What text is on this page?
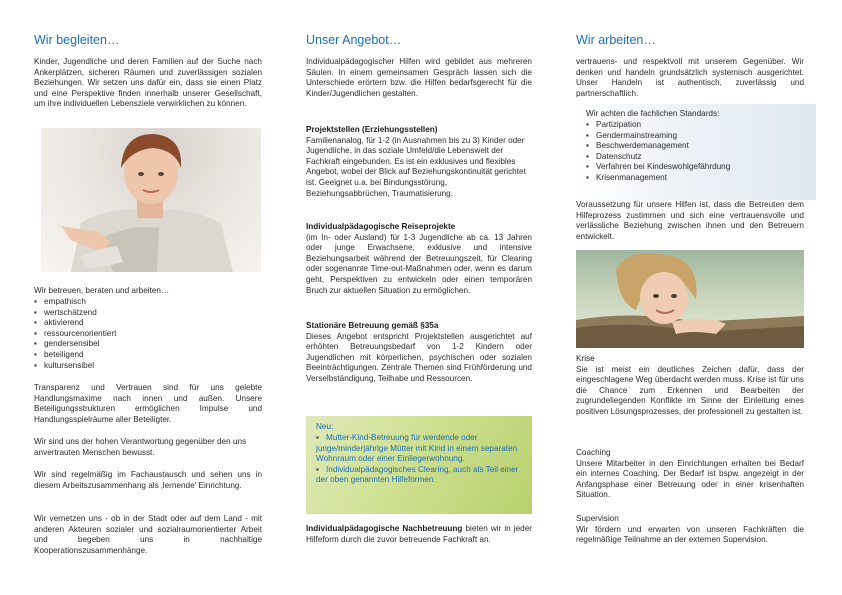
Wir begleiten…

Kinder, Jugendliche und deren Familien auf der Suche nach Ankerplätzen, sicheren Räumen und zuverlässigen sozialen Beziehungen. Wir setzen uns dafür ein, dass sie einen Platz und eine Perspektive finden innerhalb unserer Gesellschaft, um ihre individuellen Lebensziele verwirklichen zu können.

Wir betreuen, beraten und arbeiten…

▪ empathisch
▪ wertschätzend
▪ aktivierend
▪ ressourcenorientiert
▪ gendersensibel
▪ beteiligend
▪ kultursensibel

Transparenz und Vertrauen sind für uns gelebte Handlungsmaxime nach innen und außen. Unsere Beteiligungsstrukturen ermöglichen Impulse und Handlungsspielräume aller Beteiligter.

Wir sind uns der hohen Verantwortung gegenüber den uns anvertrauten Menschen bewusst.

Wir sind regelmäßig im Fachaustausch und sehen uns in diesem Arbeitszusammenhang als ‚lernende' Einrichtung.

Wir vernetzen uns - ob in der Stadt oder auf dem Land - mit anderen Akteuren sozialer und sozialraumorientierter Arbeit und begeben uns in nachhaltige Kooperationszusammenhänge.

Unser Angebot…

Individualpädagogischer Hilfen wird gebildet aus mehreren Säulen. In einem gemeinsamen Gespräch lassen sich die Unterschiede erörtern bzw. die Hilfen bedarfsgerecht für die Kinder/Jugendlichen gestalten.

Projektstellen (Erziehungsstellen)
Familienanalog, für 1-2 (in Ausnahmen bis zu 3) Kinder oder Jugendliche, in das soziale Umfeld/die Lebenswelt der Fachkraft eingebunden. Es ist ein exklusives und flexibles Angebot, wobei der Blick auf Beziehungskontinuität gerichtet ist. Geeignet u.a. bei Bindungsstörung, Beziehungsabbrüchen, Traumatisierung.

Individualpädagogische Reiseprojekte
(im In- oder Ausland) für 1-3 Jugendliche ab ca. 13 Jahren oder junge Erwachsene, exklusive und intensive Beziehungsarbeit während der Betreuungszeit, für Clearing oder sogenannte Time-out-Maßnahmen oder, wenn es darum geht, Perspektiven zu entwickeln oder einen temporären Bruch zur aktuellen Situation zu ermöglichen.

Stationäre Betreuung gemäß §35a
Dieses Angebot entspricht Projektstellen ausgerichtet auf erhöhten Betreuungsbedarf von 1-2 Kindern oder Jugendlichen mit körperlichen, psychischen oder sozialen Beeinträchtigungen. Zentrale Themen sind Frühförderung und Verselbständigung, Teilhabe und Ressourcen.

Neu:

▪ Mutter-Kind-Betreuung für werdende oder junge/minderjährige Mütter mit Kind in einem separaten Wohnraum oder einer Einliegerwohnung.
▪ Individualpädagogisches Clearing, auch als Teil einer der oben genannten Hilfeformen.

Individualpädagogische Nachbetreuung bieten wir in jeder Hilfeform durch die zuvor betreuende Fachkraft an.

Wir arbeiten…

vertrauens- und respektvoll mit unserem Gegenüber. Wir denken und handeln grundsätzlich systemisch ausgerichtet. Unser Handeln ist authentisch, zuverlässig und partnerschaftlich.

Wir achten die fachlichen Standards:

▪ Partizipation
▪ Gendermainstreaming
▪ Beschwerdemanagement
▪ Datenschutz
▪ Verfahren bei Kindeswohlgefährdung
▪ Krisenmanagement

Voraussetzung für unsere Hilfen ist, dass die Betreuten dem Hilfeprozess zustimmen und sich eine vertrauensvolle und verlässliche Beziehung zwischen ihnen und den Betreuern entwickelt.

Krise
Sie ist meist ein deutliches Zeichen dafür, dass der eingeschlagene Weg überdacht werden muss. Krise ist für uns die Chance zum Erkennen und Bearbeiten der zugrundeliegenden Konflikte im Sinne der Einleitung eines positiven Lösungsprozesses, der professionell zu gestalten ist.

Coaching
Unsere Mitarbeiter in den Einrichtungen erhalten bei Bedarf ein internes Coaching. Der Bedarf ist bspw. angezeigt in der Anfangsphase einer Betreuung oder in einer krisenhaften Situation.

Supervision
Wir fördern und erwarten von unseren Fachkräften die regelmäßige Teilnahme an der externen Supervision.
